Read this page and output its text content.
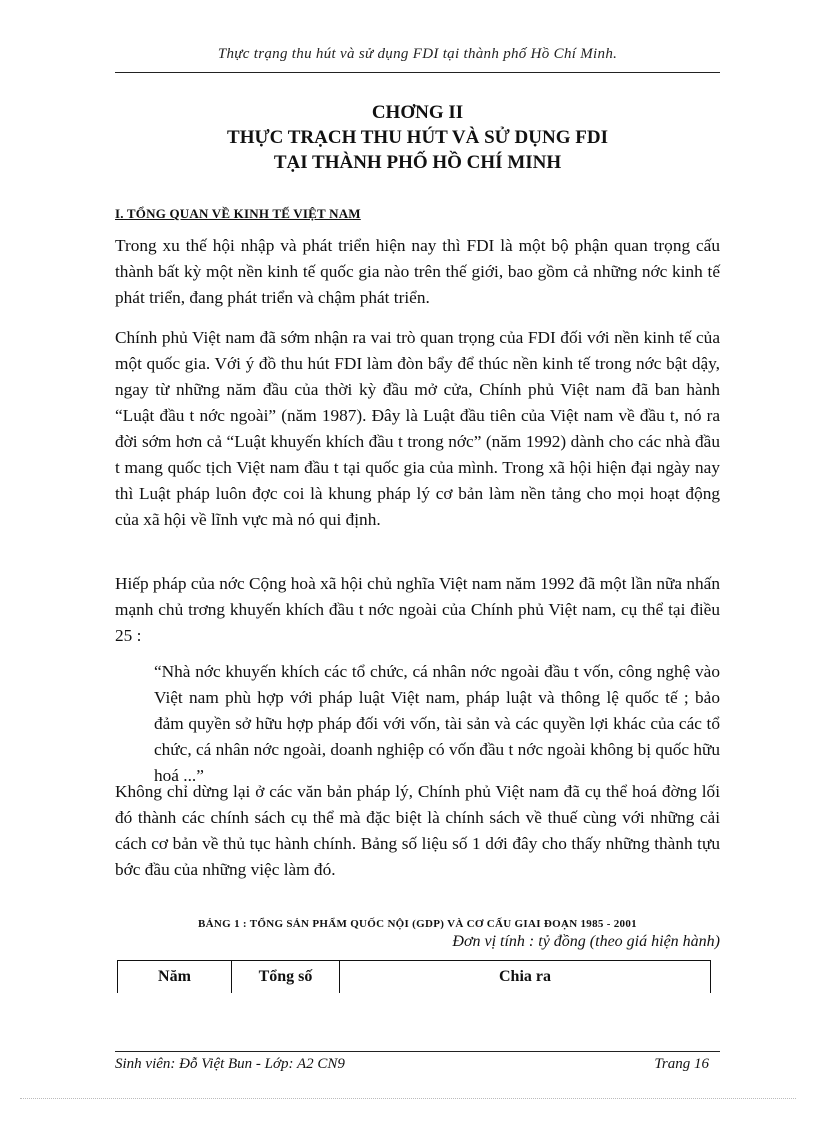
Thực trạng thu hút và sử dụng FDI tại thành phố Hồ Chí Minh.
CHƠNG II
THỰC TRẠCH THU HÚT VÀ SỬ DỤNG FDI
TẠI THÀNH PHỐ HỒ CHÍ MINH
I. TỔNG QUAN VỀ KINH TẾ VIỆT NAM
Trong xu thế hội nhập và phát triển hiện nay thì FDI là một bộ phận quan trọng cấu thành bất kỳ một nền kinh tế quốc gia nào trên thế giới, bao gồm cả những nớc kinh tế phát triển, đang phát triển và chậm phát triển.
Chính phủ Việt nam đã sớm nhận ra vai trò quan trọng của FDI đối với nền kinh tế của một quốc gia. Với ý đồ thu hút FDI làm đòn bẩy để thúc nền kinh tế trong nớc bật dậy, ngay từ những năm đầu của thời kỳ đầu mở cửa, Chính phủ Việt nam đã ban hành “Luật đầu t nớc ngoài” (năm 1987). Đây là Luật đầu tiên của Việt nam về đầu t, nó ra đời sớm hơn cả “Luật khuyến khích đầu t trong nớc” (năm 1992) dành cho các nhà đầu t mang quốc tịch Việt nam đầu t tại quốc gia của mình. Trong xã hội hiện đại ngày nay thì Luật pháp luôn đợc coi là khung pháp lý cơ bản làm nền tảng cho mọi hoạt động của xã hội về lĩnh vực mà nó qui định.
Hiếp pháp của nớc Cộng hoà xã hội chủ nghĩa Việt nam năm 1992 đã một lần nữa nhấn mạnh chủ trơng khuyến khích đầu t nớc ngoài của Chính phủ Việt nam, cụ thể tại điều 25 :
“Nhà nớc khuyến khích các tổ chức, cá nhân nớc ngoài đầu t vốn, công nghệ vào Việt nam phù hợp với pháp luật Việt nam, pháp luật và thông lệ quốc tế ; bảo đảm quyền sở hữu hợp pháp đối với vốn, tài sản và các quyền lợi khác của các tổ chức, cá nhân nớc ngoài, doanh nghiệp có vốn đầu t nớc ngoài không bị quốc hữu hoá ...”
Không chỉ dừng lại ở các văn bản pháp lý, Chính phủ Việt nam đã cụ thể hoá đờng lối đó thành các chính sách cụ thể mà đặc biệt là chính sách về thuế cùng với những cải cách cơ bản về thủ tục hành chính. Bảng số liệu số 1 dới đây cho thấy những thành tựu bớc đầu của những việc làm đó.
BẢNG 1 : TỔNG SẢN PHẨM QUỐC NỘI (GDP) VÀ CƠ CẤU GIAI ĐOẠN 1985 - 2001
Đơn vị tính : tỷ đồng (theo giá hiện hành)
Năm	Tổng số	Chia ra
Sinh viên: Đỗ Việt Bun - Lớp: A2 CN9	Trang 16
